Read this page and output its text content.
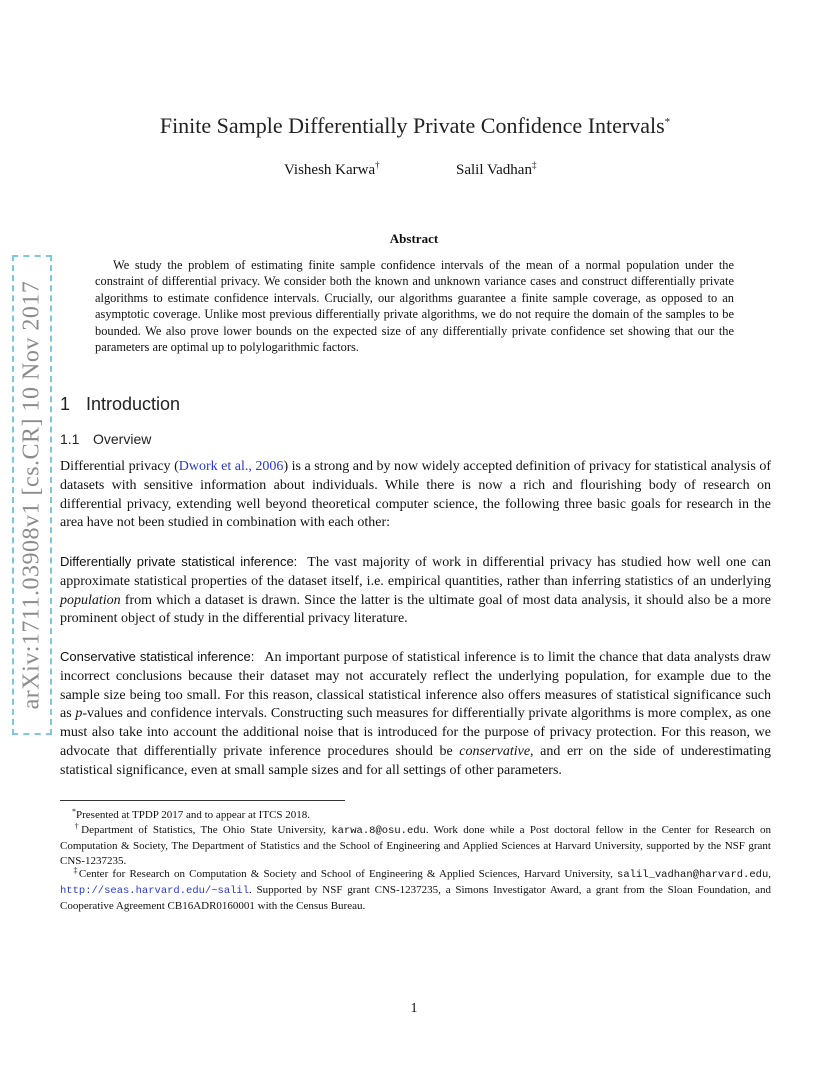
arXiv:1711.03908v1 [cs.CR] 10 Nov 2017
Finite Sample Differentially Private Confidence Intervals*
Vishesh Karwa†	Salil Vadhan‡
Abstract
We study the problem of estimating finite sample confidence intervals of the mean of a normal population under the constraint of differential privacy. We consider both the known and unknown variance cases and construct differentially private algorithms to estimate confidence intervals. Crucially, our algorithms guarantee a finite sample coverage, as opposed to an asymptotic coverage. Unlike most previous differentially private algorithms, we do not require the domain of the samples to be bounded. We also prove lower bounds on the expected size of any differentially private confidence set showing that our the parameters are optimal up to polylogarithmic factors.
1 Introduction
1.1 Overview
Differential privacy (Dwork et al., 2006) is a strong and by now widely accepted definition of privacy for statistical analysis of datasets with sensitive information about individuals. While there is now a rich and flourishing body of research on differential privacy, extending well beyond theoretical computer science, the following three basic goals for research in the area have not been studied in combination with each other:
Differentially private statistical inference: The vast majority of work in differential privacy has studied how well one can approximate statistical properties of the dataset itself, i.e. empirical quantities, rather than inferring statistics of an underlying population from which a dataset is drawn. Since the latter is the ultimate goal of most data analysis, it should also be a more prominent object of study in the differential privacy literature.
Conservative statistical inference: An important purpose of statistical inference is to limit the chance that data analysts draw incorrect conclusions because their dataset may not accurately reflect the underlying population, for example due to the sample size being too small. For this reason, classical statistical inference also offers measures of statistical significance such as p-values and confidence intervals. Constructing such measures for differentially private algorithms is more complex, as one must also take into account the additional noise that is introduced for the purpose of privacy protection. For this reason, we advocate that differentially private inference procedures should be conservative, and err on the side of underestimating statistical significance, even at small sample sizes and for all settings of other parameters.
*Presented at TPDP 2017 and to appear at ITCS 2018.
†Department of Statistics, The Ohio State University, karwa.8@osu.edu. Work done while a Post doctoral fellow in the Center for Research on Computation & Society, The Department of Statistics and the School of Engineering and Applied Sciences at Harvard University, supported by the NSF grant CNS-1237235.
‡Center for Research on Computation & Society and School of Engineering & Applied Sciences, Harvard University, salil_vadhan@harvard.edu, http://seas.harvard.edu/~salil. Supported by NSF grant CNS-1237235, a Simons Investigator Award, a grant from the Sloan Foundation, and Cooperative Agreement CB16ADR0160001 with the Census Bureau.
1
